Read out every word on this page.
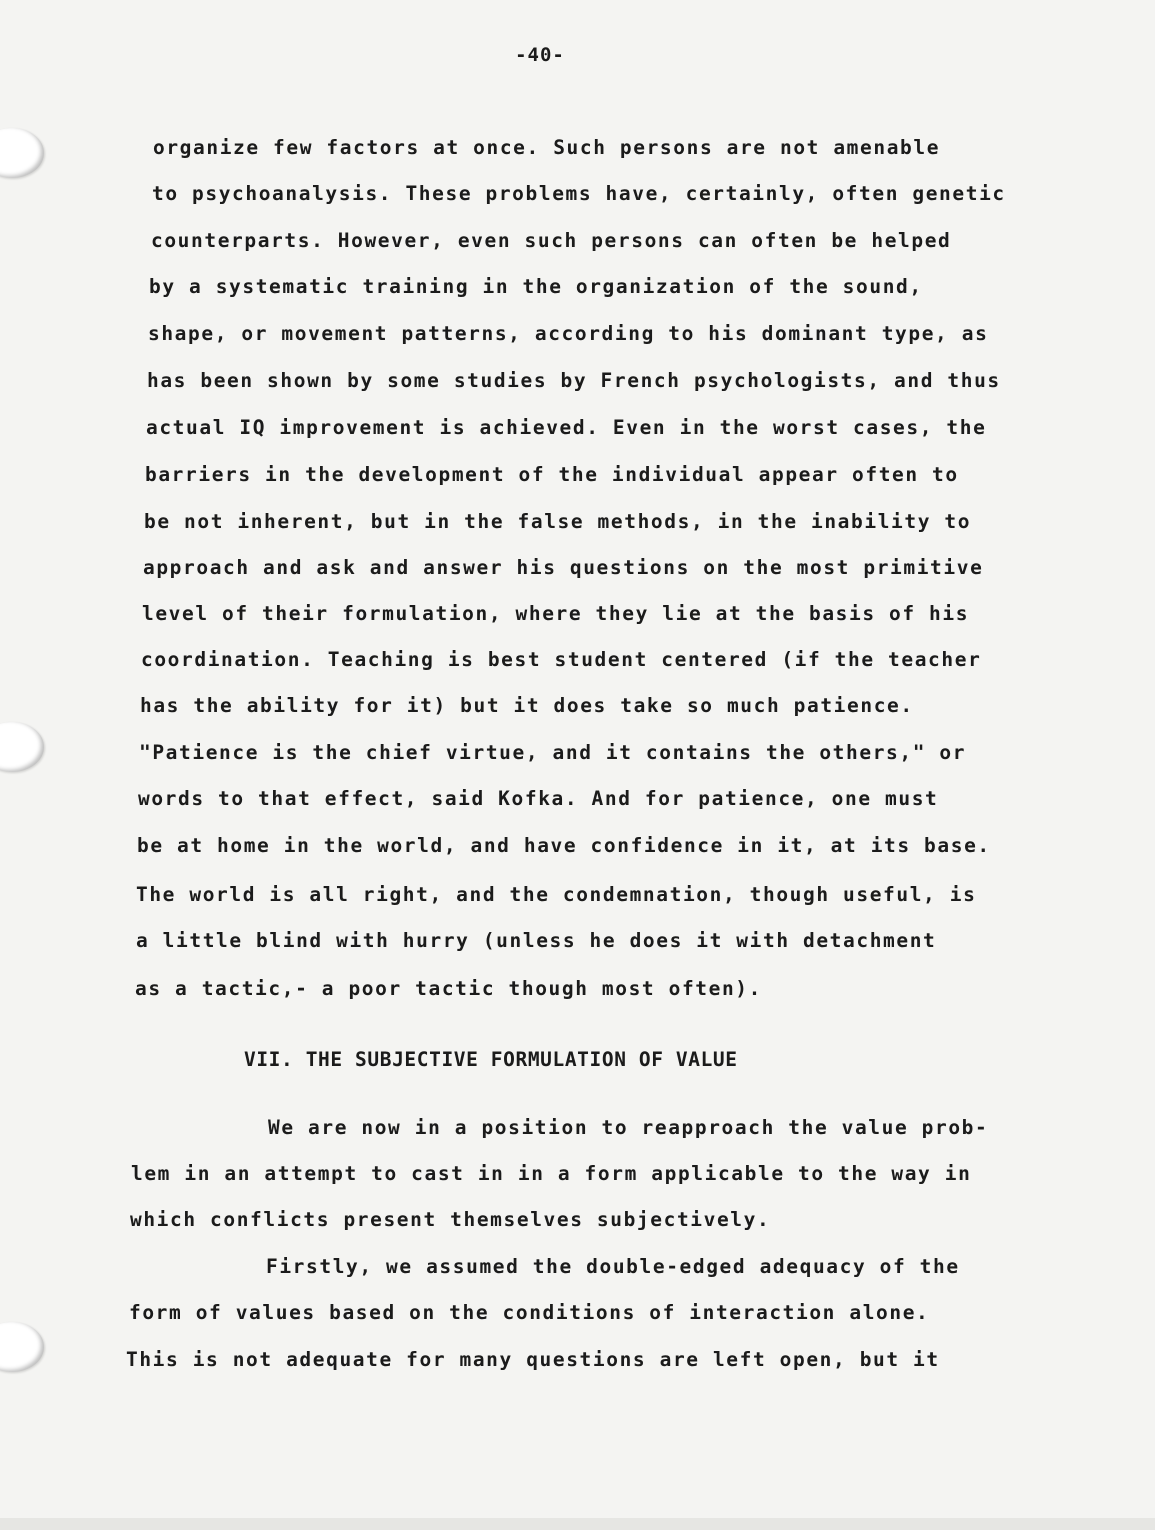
-40-
organize few factors at once. Such persons are not amenable
to psychoanalysis. These problems have, certainly, often genetic
counterparts. However, even such persons can often be helped
by a systematic training in the organization of the sound,
shape, or movement patterns, according to his dominant type, as
has been shown by some studies by French psychologists, and thus
actual IQ improvement is achieved. Even in the worst cases, the
barriers in the development of the individual appear often to
be not inherent, but in the false methods, in the inability to
approach and ask and answer his questions on the most primitive
level of their formulation, where they lie at the basis of his
coordination. Teaching is best student centered (if the teacher
has the ability for it) but it does take so much patience.
"Patience is the chief virtue, and it contains the others," or
words to that effect, said Kofka. And for patience, one must
be at home in the world, and have confidence in it, at its base.
The world is all right, and the condemnation, though useful, is
a little blind with hurry (unless he does it with detachment
as a tactic,- a poor tactic though most often).
VII. THE SUBJECTIVE FORMULATION OF VALUE
We are now in a position to reapproach the value prob-
lem in an attempt to cast in in a form applicable to the way in
which conflicts present themselves subjectively.
Firstly, we assumed the double-edged adequacy of the
form of values based on the conditions of interaction alone.
This is not adequate for many questions are left open, but it
